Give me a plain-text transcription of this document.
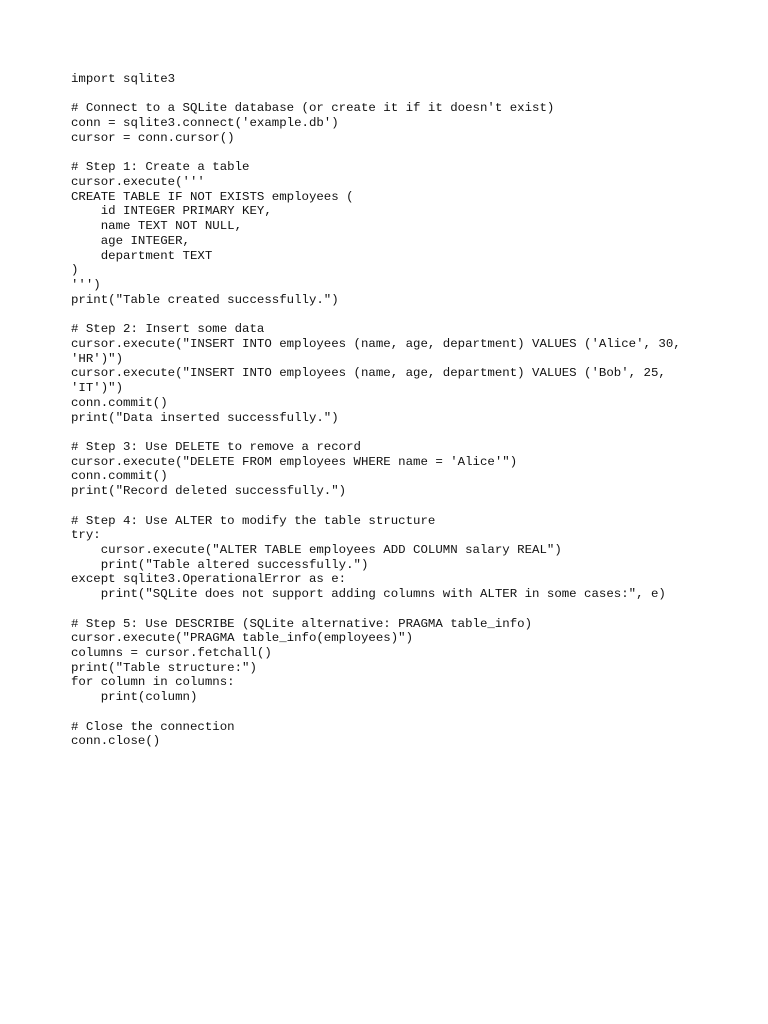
import sqlite3
# Connect to a SQLite database (or create it if it doesn't exist)
conn = sqlite3.connect('example.db')
cursor = conn.cursor()
# Step 1: Create a table
cursor.execute('''
CREATE TABLE IF NOT EXISTS employees (
id INTEGER PRIMARY KEY,
name TEXT NOT NULL,
age INTEGER,
department TEXT
)
''')
print("Table created successfully.")
# Step 2: Insert some data
cursor.execute("INSERT INTO employees (name, age, department) VALUES ('Alice', 30,
'HR')")
cursor.execute("INSERT INTO employees (name, age, department) VALUES ('Bob', 25,
'IT')")
conn.commit()
print("Data inserted successfully.")
# Step 3: Use DELETE to remove a record
cursor.execute("DELETE FROM employees WHERE name = 'Alice'")
conn.commit()
print("Record deleted successfully.")
# Step 4: Use ALTER to modify the table structure
try:
cursor.execute("ALTER TABLE employees ADD COLUMN salary REAL")
print("Table altered successfully.")
except sqlite3.OperationalError as e:
print("SQLite does not support adding columns with ALTER in some cases:", e)
# Step 5: Use DESCRIBE (SQLite alternative: PRAGMA table_info)
cursor.execute("PRAGMA table_info(employees)")
columns = cursor.fetchall()
print("Table structure:")
for column in columns:
print(column)
# Close the connection
conn.close()
